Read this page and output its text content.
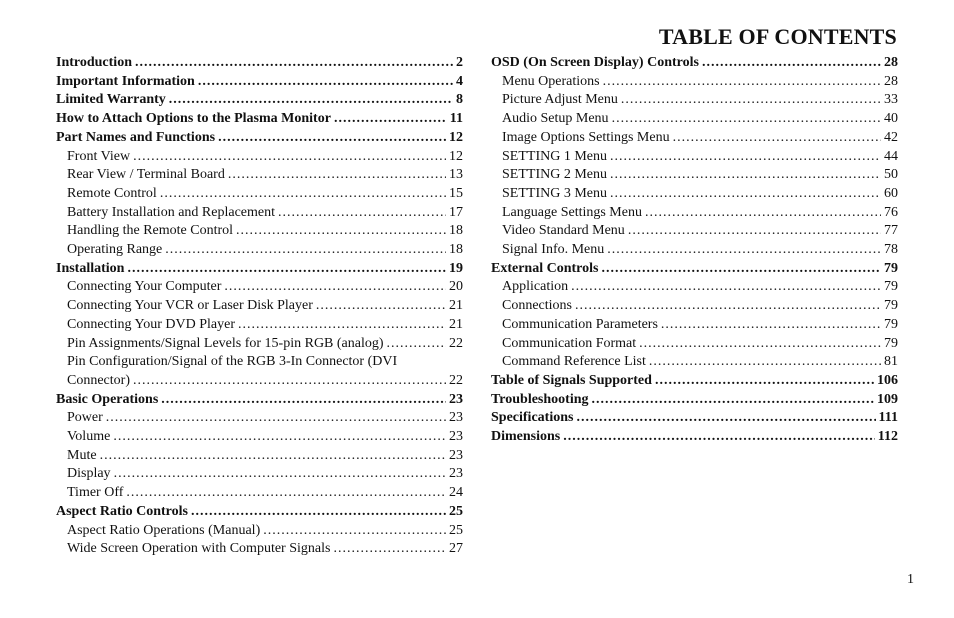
TABLE OF CONTENTS
Introduction .....	2
Important Information .....	4
Limited Warranty .....	8
How to Attach Options to the Plasma Monitor .....	11
Part Names and Functions .....	12
Front View .....	12
Rear View / Terminal Board .....	13
Remote Control .....	15
Battery Installation and Replacement .....	17
Handling the Remote Control .....	18
Operating Range .....	18
Installation .....	19
Connecting Your Computer .....	20
Connecting Your VCR or Laser Disk Player .....	21
Connecting Your DVD Player .....	21
Pin Assignments/Signal Levels for 15-pin RGB (analog) .....	22
Pin Configuration/Signal of the RGB 3-In Connector (DVI
Connector) .....	22
Basic Operations .....	23
Power .....	23
Volume .....	23
Mute .....	23
Display .....	23
Timer Off .....	24
Aspect Ratio Controls .....	25
Aspect Ratio Operations (Manual) .....	25
Wide Screen Operation with Computer Signals .....	27
OSD (On Screen Display) Controls .....	28
Menu Operations .....	28
Picture Adjust Menu .....	33
Audio Setup Menu .....	40
Image Options Settings Menu .....	42
SETTING 1 Menu .....	44
SETTING 2 Menu .....	50
SETTING 3 Menu .....	60
Language Settings Menu .....	76
Video Standard Menu .....	77
Signal Info. Menu .....	78
External Controls .....	79
Application .....	79
Connections .....	79
Communication Parameters .....	79
Communication Format .....	79
Command Reference List .....	81
Table of Signals Supported .....	106
Troubleshooting .....	109
Specifications .....	111
Dimensions .....	112
1
